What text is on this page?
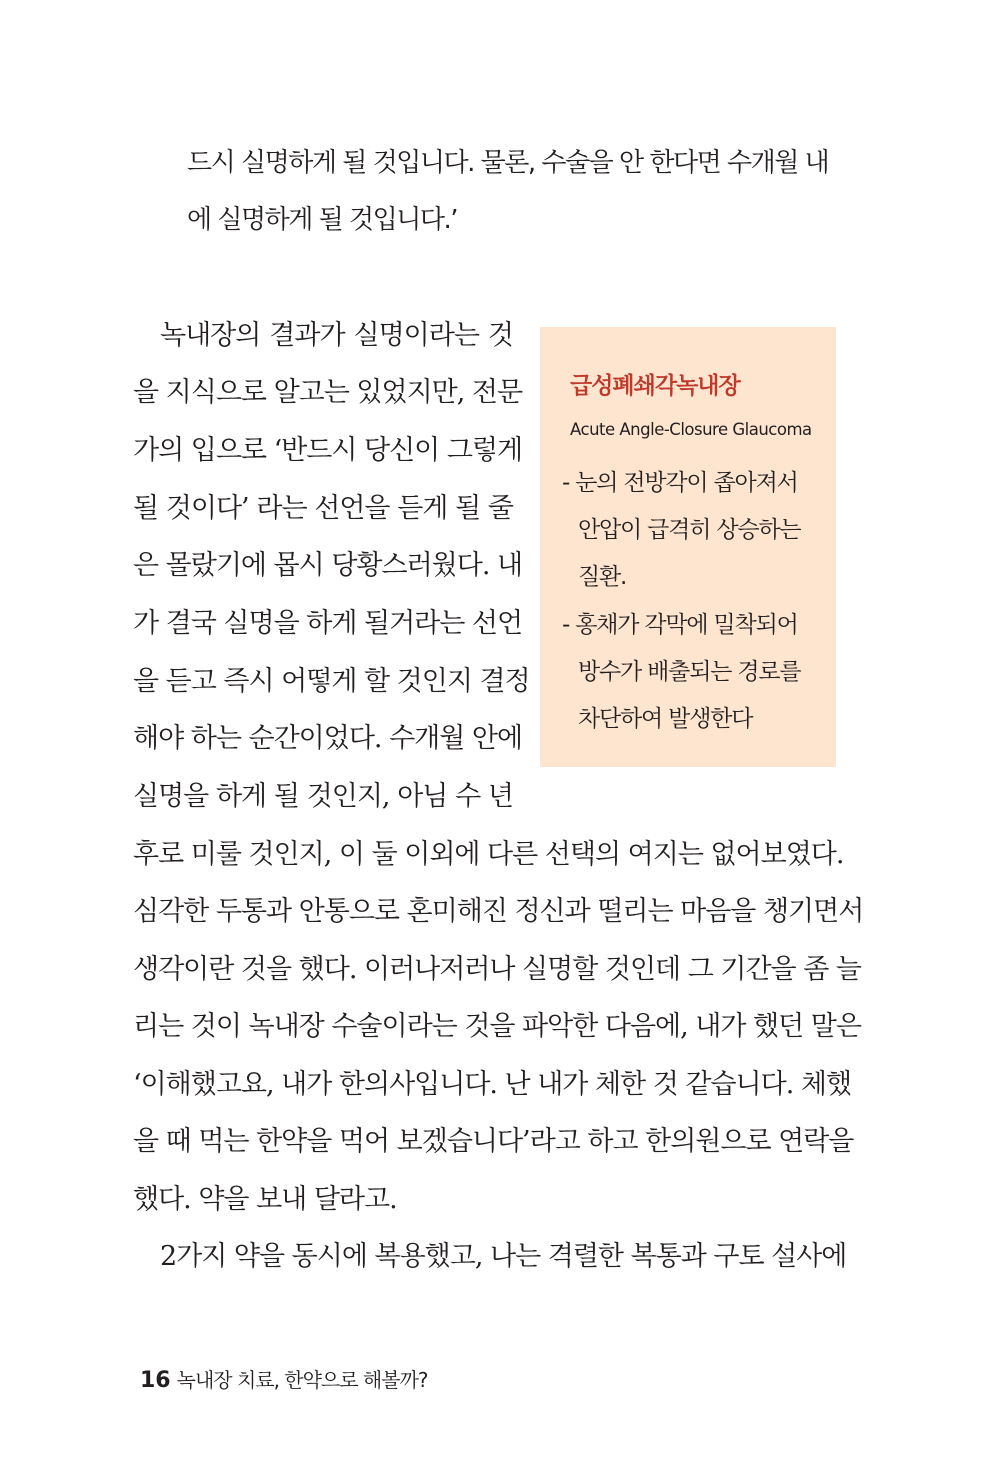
드시 실명하게 될 것입니다. 물론, 수술을 안 한다면 수개월 내
에 실명하게 될 것입니다.’
녹내장의 결과가 실명이라는 것
을 지식으로 알고는 있었지만, 전문
가의 입으로 ‘반드시 당신이 그렇게
될 것이다’ 라는 선언을 듣게 될 줄
은 몰랐기에 몹시 당황스러웠다. 내
가 결국 실명을 하게 될거라는 선언
을 듣고 즉시 어떻게 할 것인지 결정
해야 하는 순간이었다. 수개월 안에
실명을 하게 될 것인지, 아님 수 년
후로 미룰 것인지, 이 둘 이외에 다른 선택의 여지는 없어보였다.
심각한 두통과 안통으로 혼미해진 정신과 떨리는 마음을 챙기면서
생각이란 것을 했다. 이러나저러나 실명할 것인데 그 기간을 좀 늘
리는 것이 녹내장 수술이라는 것을 파악한 다음에, 내가 했던 말은
‘이해했고요, 내가 한의사입니다. 난 내가 체한 것 같습니다. 체했
을 때 먹는 한약을 먹어 보겠습니다’라고 하고 한의원으로 연락을
했다. 약을 보내 달라고.
2가지 약을 동시에 복용했고, 나는 격렬한 복통과 구토 설사에
급성폐쇄각녹내장
Acute Angle-Closure Glaucoma
- 눈의 전방각이 좁아져서
안압이 급격히 상승하는
질환.
- 홍채가 각막에 밀착되어
방수가 배출되는 경로를
차단하여 발생한다
16 녹내장 치료, 한약으로 해볼까?
